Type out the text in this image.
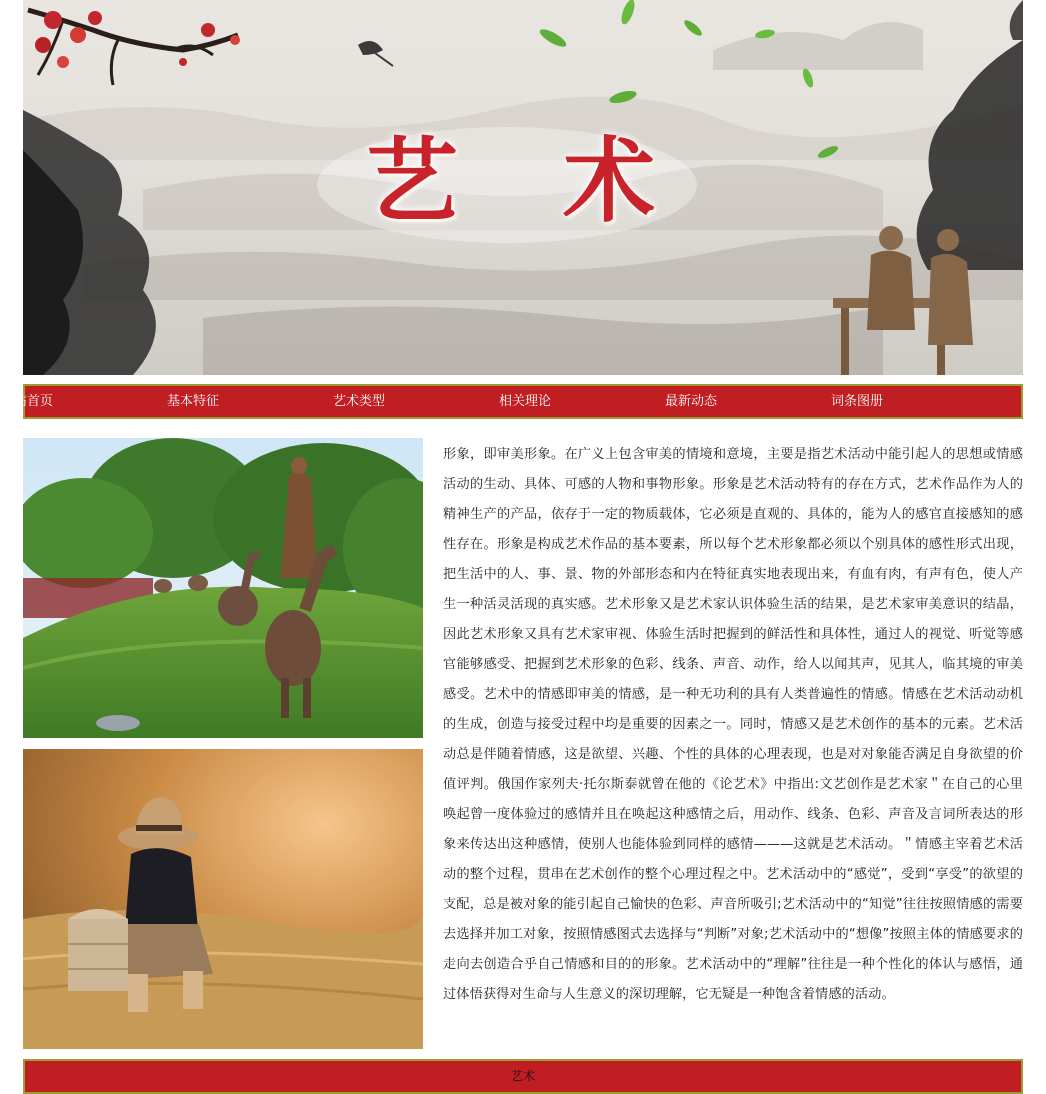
艺 术
网站首页	基本特征	艺术类型	相关理论	最新动态	词条图册

形象，即审美形象。在广义上包含审美的情境和意境，主要是指艺术活动中能引起人的思想或情感活动的生动、具体、可感的人物和事物形象。形象是艺术活动特有的存在方式，艺术作品作为人的精神生产的产品，依存于一定的物质载体，它必须是直观的、具体的，能为人的感官直接感知的感性存在。形象是构成艺术作品的基本要素，所以每个艺术形象都必须以个别具体的感性形式出现，把生活中的人、事、景、物的外部形态和内在特征真实地表现出来，有血有肉，有声有色，使人产生一种活灵活现的真实感。艺术形象又是艺术家认识体验生活的结果，是艺术家审美意识的结晶，因此艺术形象又具有艺术家审视、体验生活时把握到的鲜活性和具体性，通过人的视觉、听觉等感官能够感受、把握到艺术形象的色彩、线条、声音、动作，给人以闻其声，见其人，临其境的审美感受。艺术中的情感即审美的情感，是一种无功利的具有人类普遍性的情感。情感在艺术活动动机的生成，创造与接受过程中均是重要的因素之一。同时，情感又是艺术创作的基本的元素。艺术活动总是伴随着情感，这是欲望、兴趣、个性的具体的心理表现，也是对对象能否满足自身欲望的价值评判。俄国作家列夫·托尔斯泰就曾在他的《论艺术》中指出:文艺创作是艺术家＂在自己的心里唤起曾一度体验过的感情并且在唤起这种感情之后，用动作、线条、色彩、声音及言词所表达的形象来传达出这种感情，使别人也能体验到同样的感情———这就是艺术活动。＂情感主宰着艺术活动的整个过程，贯串在艺术创作的整个心理过程之中。艺术活动中的“感觉”，受到“享受”的欲望的支配，总是被对象的能引起自己愉快的色彩、声音所吸引;艺术活动中的“知觉”往往按照情感的需要去选择并加工对象，按照情感图式去选择与“判断”对象;艺术活动中的“想像”按照主体的情感要求的走向去创造合乎自己情感和目的的形象。艺术活动中的“理解”往往是一种个性化的体认与感悟，通过体悟获得对生命与人生意义的深切理解，它无疑是一种饱含着情感的活动。

艺术
